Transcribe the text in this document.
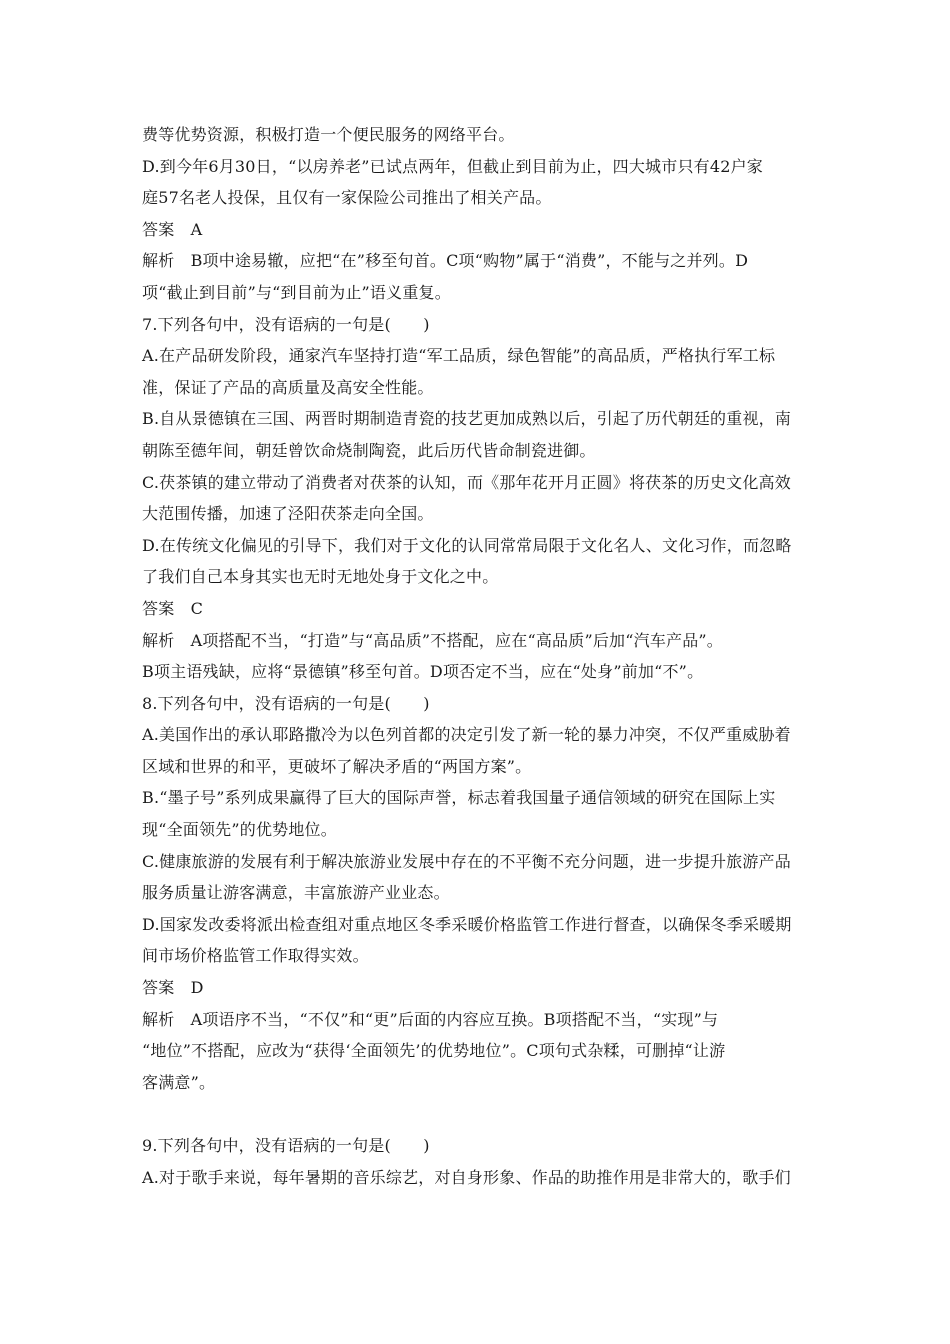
费等优势资源，积极打造一个便民服务的网络平台。
D.到今年6月30日，“以房养老”已试点两年，但截止到目前为止，四大城市只有42户家
庭57名老人投保，且仅有一家保险公司推出了相关产品。
答案　A
解析　B项中途易辙，应把“在”移至句首。C项“购物”属于“消费”，不能与之并列。D
项“截止到目前”与“到目前为止”语义重复。
7.下列各句中，没有语病的一句是(　　)
A.在产品研发阶段，通家汽车坚持打造“军工品质，绿色智能”的高品质，严格执行军工标
准，保证了产品的高质量及高安全性能。
B.自从景德镇在三国、两晋时期制造青瓷的技艺更加成熟以后，引起了历代朝廷的重视，南
朝陈至德年间，朝廷曾饮命烧制陶瓷，此后历代皆命制瓷进御。
C.茯茶镇的建立带动了消费者对茯茶的认知，而《那年花开月正圆》将茯茶的历史文化高效
大范围传播，加速了泾阳茯茶走向全国。
D.在传统文化偏见的引导下，我们对于文化的认同常常局限于文化名人、文化习作，而忽略
了我们自己本身其实也无时无地处身于文化之中。
答案　C
解析　A项搭配不当，“打造”与“高品质”不搭配，应在“高品质”后加“汽车产品”。
B项主语残缺，应将“景德镇”移至句首。D项否定不当，应在“处身”前加“不”。
8.下列各句中，没有语病的一句是(　　)
A.美国作出的承认耶路撒冷为以色列首都的决定引发了新一轮的暴力冲突，不仅严重威胁着
区域和世界的和平，更破坏了解决矛盾的“两国方案”。
B.“墨子号”系列成果赢得了巨大的国际声誉，标志着我国量子通信领域的研究在国际上实
现“全面领先”的优势地位。
C.健康旅游的发展有利于解决旅游业发展中存在的不平衡不充分问题，进一步提升旅游产品
服务质量让游客满意，丰富旅游产业业态。
D.国家发改委将派出检查组对重点地区冬季采暖价格监管工作进行督查，以确保冬季采暖期
间市场价格监管工作取得实效。
答案　D
解析　A项语序不当，“不仅”和“更”后面的内容应互换。B项搭配不当，“实现”与
“地位”不搭配，应改为“获得‘全面领先’的优势地位”。C项句式杂糅，可删掉“让游
客满意”。
9.下列各句中，没有语病的一句是(　　)
A.对于歌手来说，每年暑期的音乐综艺，对自身形象、作品的助推作用是非常大的，歌手们
